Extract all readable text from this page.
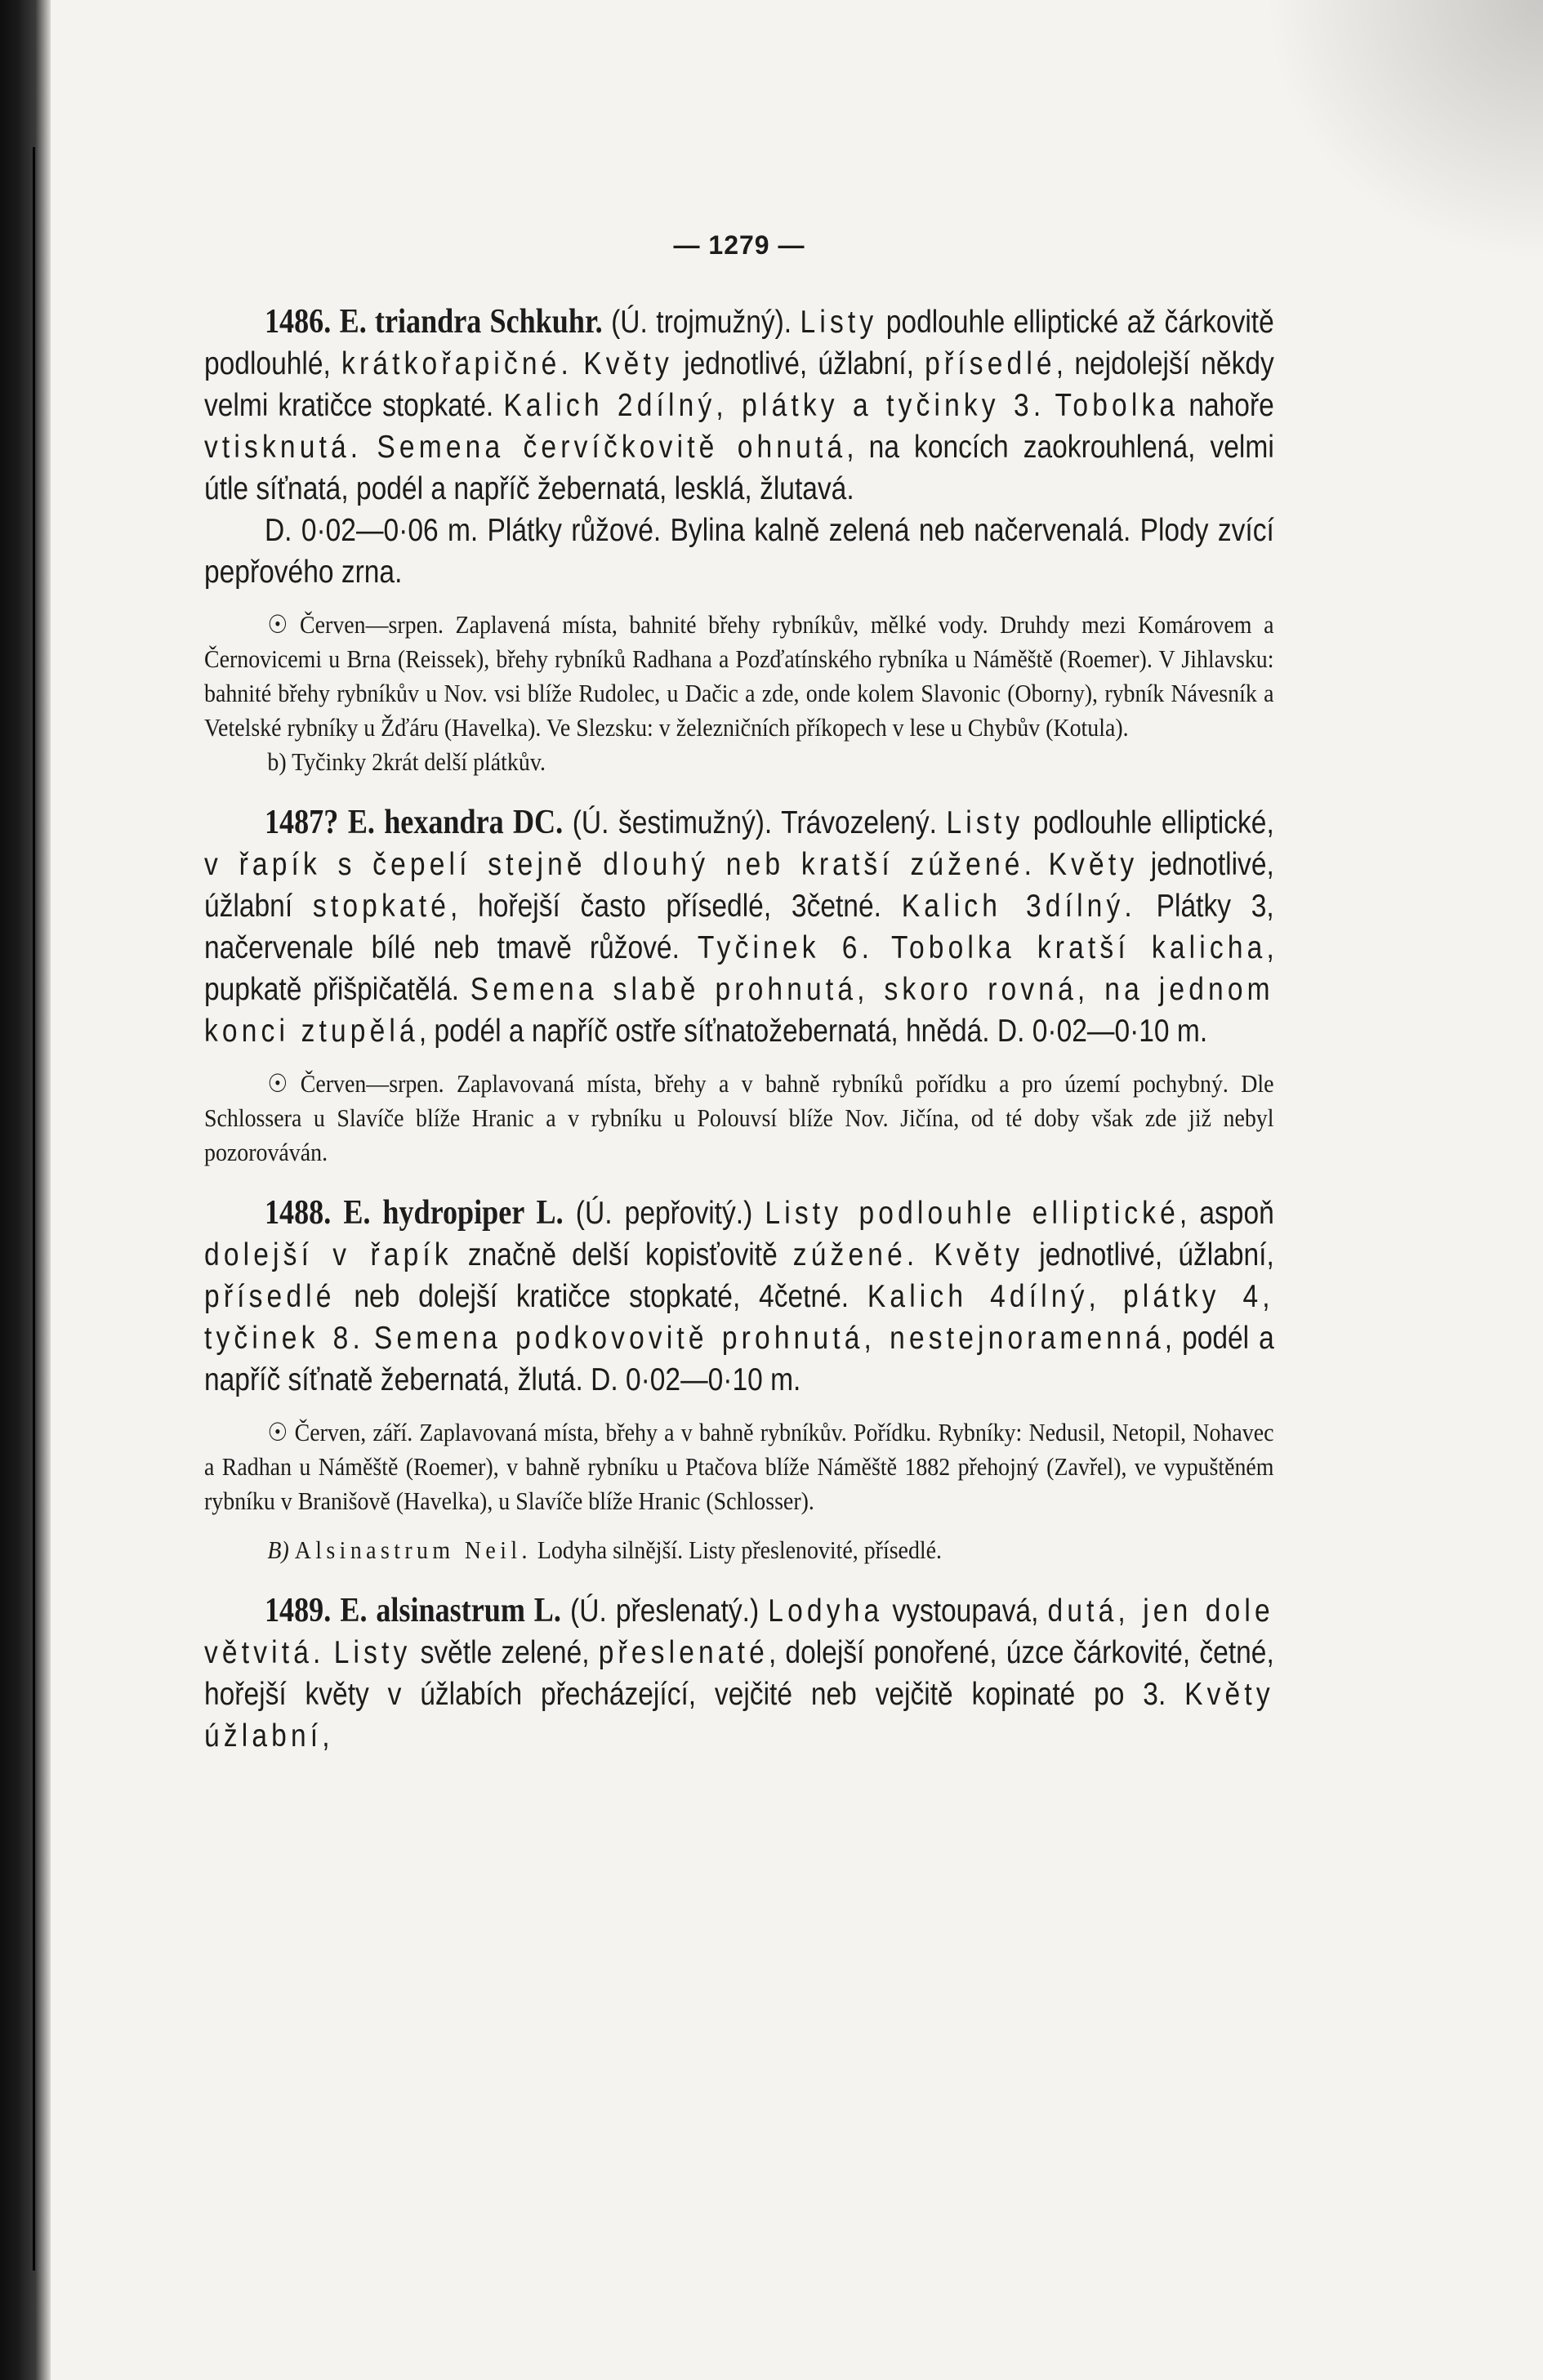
— 1279 —

1486. E. triandra Schkuhr. (Ú. trojmužný). Listy podlouhle elliptické až čárkovitě podlouhlé, krátkořapičné. Květy jednotlivé, úžlabní, přísedlé, nejdolejší někdy velmi kratičce stopkaté. Kalich 2dílný, plátky a tyčinky 3. Tobolka nahoře vtisknutá. Semena červíčkovitě ohnutá, na koncích zaokrouhlená, velmi útle síťnatá, podél a napříč žebernatá, lesklá, žlutavá.

D. 0·02—0·06 m. Plátky růžové. Bylina kalně zelená neb načervenalá. Plody zvící pepřového zrna.

☉ Červen—srpen. Zaplavená místa, bahnité břehy rybníkův, mělké vody. Druhdy mezi Komárovem a Černovicemi u Brna (Reissek), břehy rybníků Radhana a Pozďatínského rybníka u Náměště (Roemer). V Jihlavsku: bahnité břehy rybníkův u Nov. vsi blíže Rudolec, u Dačic a zde, onde kolem Slavonic (Oborny), rybník Návesník a Vetelské rybníky u Žďáru (Havelka). Ve Slezsku: v železničních příkopech v lese u Chybův (Kotula).

b) Tyčinky 2krát delší plátkův.

1487? E. hexandra DC. (Ú. šestimužný). Trávozelený. Listy podlouhle elliptické, v řapík s čepelí stejně dlouhý neb kratší zúžené. Květy jednotlivé, úžlabní stopkaté, hořejší často přísedlé, 3četné. Kalich 3dílný. Plátky 3, načervenale bílé neb tmavě růžové. Tyčinek 6. Tobolka kratší kalicha, pupkatě přišpičatělá. Semena slabě prohnutá, skoro rovná, na jednom konci ztupělá, podél a napříč ostře síťnatožebernatá, hnědá. D. 0·02—0·10 m.

☉ Červen—srpen. Zaplavovaná místa, břehy a v bahně rybníků pořídku a pro území pochybný. Dle Schlossera u Slavíče blíže Hranic a v rybníku u Polouvsí blíže Nov. Jičína, od té doby však zde již nebyl pozorováván.

1488. E. hydropiper L. (Ú. pepřovitý.) Listy podlouhle elliptické, aspoň dolejší v řapík značně delší kopisťovitě zúžené. Květy jednotlivé, úžlabní, přísedlé neb dolejší kratičce stopkaté, 4četné. Kalich 4dílný, plátky 4, tyčinek 8. Semena podkovovitě prohnutá, nestejnoramenná, podél a napříč síťnatě žebernatá, žlutá. D. 0·02—0·10 m.

☉ Červen, září. Zaplavovaná místa, břehy a v bahně rybníkův. Pořídku. Rybníky: Nedusil, Netopil, Nohavec a Radhan u Náměště (Roemer), v bahně rybníku u Ptačova blíže Náměště 1882 přehojný (Zavřel), ve vypuštěném rybníku v Branišově (Havelka), u Slavíče blíže Hranic (Schlosser).

B) Alsinastrum Neil. Lodyha silnější. Listy přeslenovité, přísedlé.

1489. E. alsinastrum L. (Ú. přeslenatý.) Lodyha vystoupavá, dutá, jen dole větvitá. Listy světle zelené, přeslenaté, dolejší ponořené, úzce čárkovité, četné, hořejší květy v úžlabích přecházející, vejčité neb vejčitě kopinaté po 3. Květy úžlabní,
